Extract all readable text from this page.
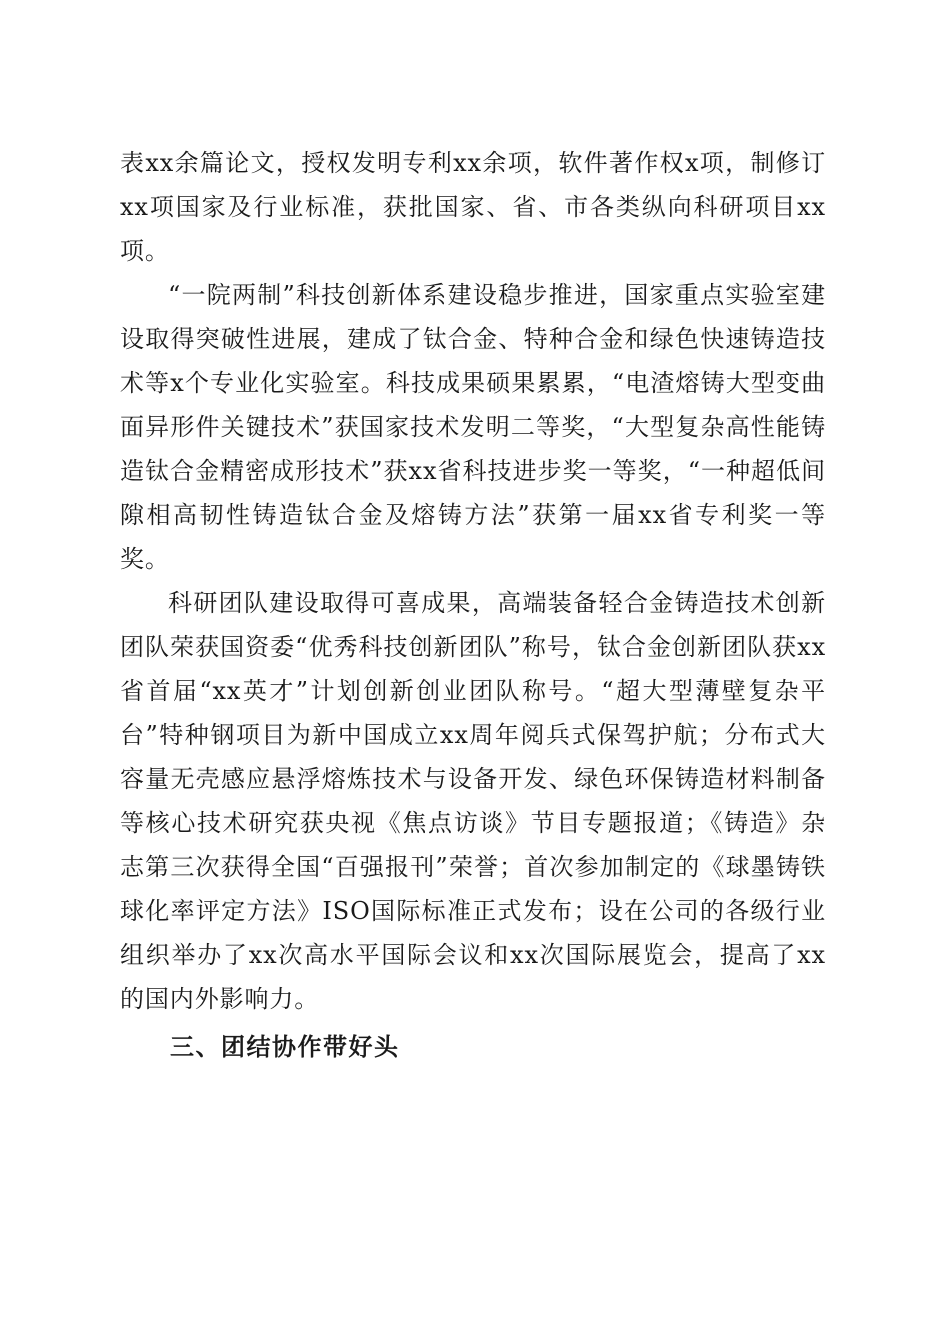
表xx余篇论文，授权发明专利xx余项，软件著作权x项，制修订xx项国家及行业标准，获批国家、省、市各类纵向科研项目xx项。

“一院两制”科技创新体系建设稳步推进，国家重点实验室建设取得突破性进展，建成了钛合金、特种合金和绿色快速铸造技术等x个专业化实验室。科技成果硕果累累，“电渣熔铸大型变曲面异形件关键技术”获国家技术发明二等奖，“大型复杂高性能铸造钛合金精密成形技术”获xx省科技进步奖一等奖，“一种超低间隙相高韧性铸造钛合金及熔铸方法”获第一届xx省专利奖一等奖。

科研团队建设取得可喜成果，高端装备轻合金铸造技术创新团队荣获国资委“优秀科技创新团队”称号，钛合金创新团队获xx省首届“xx英才”计划创新创业团队称号。“超大型薄壁复杂平台”特种钢项目为新中国成立xx周年阅兵式保驾护航；分布式大容量无壳感应悬浮熔炼技术与设备开发、绿色环保铸造材料制备等核心技术研究获央视《焦点访谈》节目专题报道；《铸造》杂志第三次获得全国“百强报刊”荣誉；首次参加制定的《球墨铸铁球化率评定方法》ISO国际标准正式发布；设在公司的各级行业组织举办了xx次高水平国际会议和xx次国际展览会，提高了xx的国内外影响力。

三、团结协作带好头
